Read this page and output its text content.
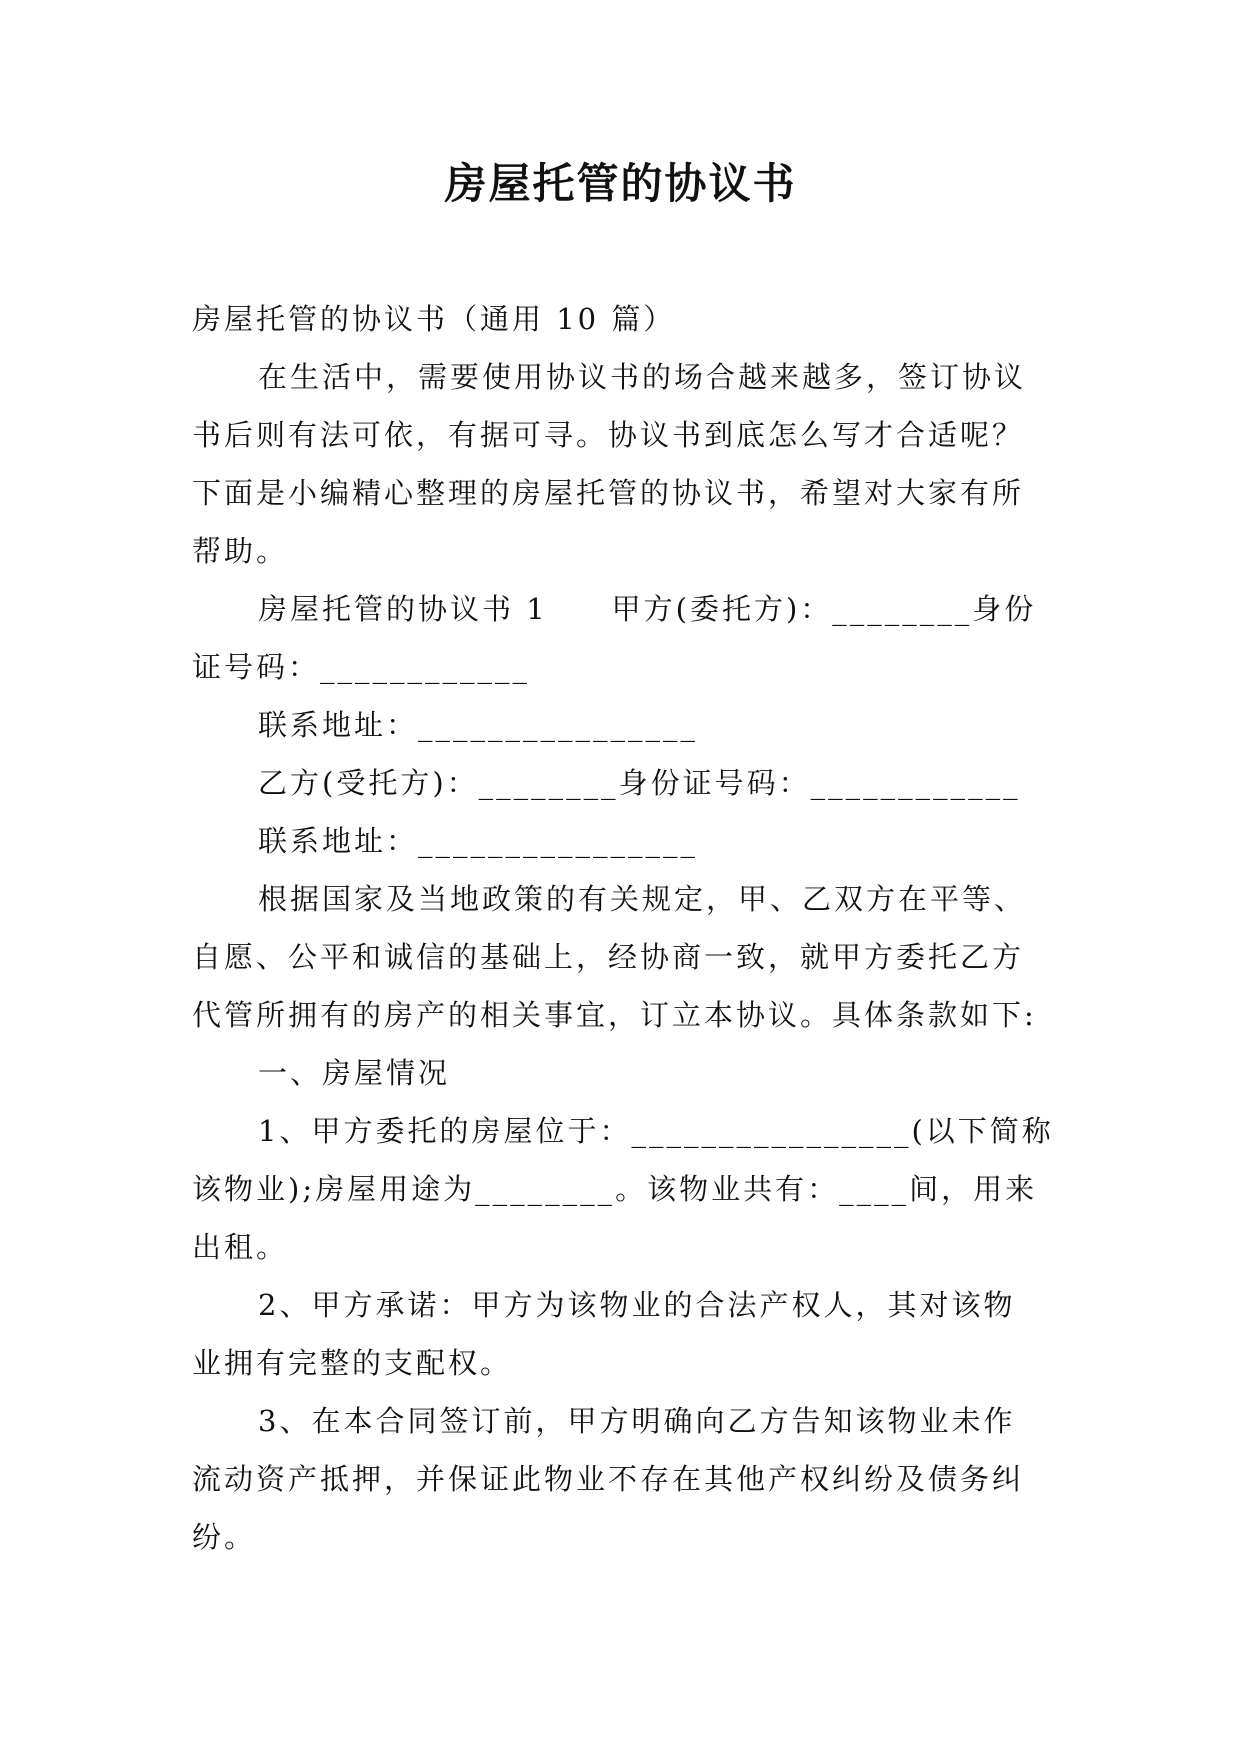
房屋托管的协议书
房屋托管的协议书（通用 10 篇）
在生活中，需要使用协议书的场合越来越多，签订协议
书后则有法可依，有据可寻。协议书到底怎么写才合适呢？
下面是小编精心整理的房屋托管的协议书，希望对大家有所
帮助。
房屋托管的协议书 1　　甲方(委托方)：________身份
证号码：____________
联系地址：________________
乙方(受托方)：________身份证号码：____________
联系地址：________________
根据国家及当地政策的有关规定，甲、乙双方在平等、
自愿、公平和诚信的基础上，经协商一致，就甲方委托乙方
代管所拥有的房产的相关事宜，订立本协议。具体条款如下:
一、房屋情况
1、甲方委托的房屋位于：________________(以下简称
该物业);房屋用途为________。该物业共有：____间，用来
出租。
2、甲方承诺：甲方为该物业的合法产权人，其对该物
业拥有完整的支配权。
3、在本合同签订前，甲方明确向乙方告知该物业未作
流动资产抵押，并保证此物业不存在其他产权纠纷及债务纠
纷。
